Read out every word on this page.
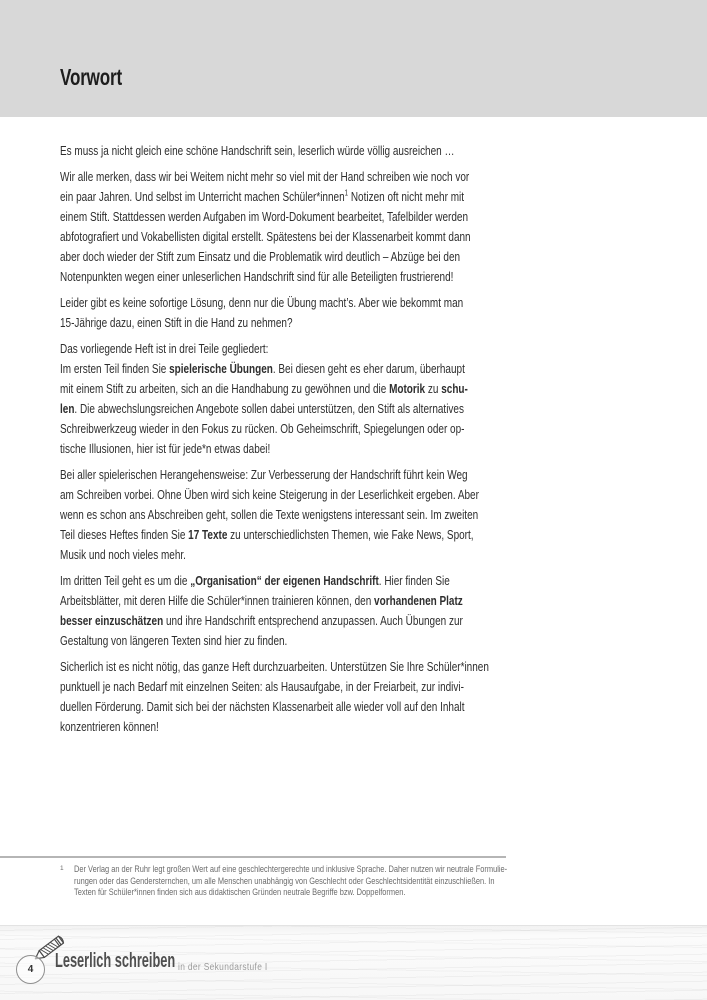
Vorwort
Es muss ja nicht gleich eine schöne Handschrift sein, leserlich würde völlig ausreichen …
Wir alle merken, dass wir bei Weitem nicht mehr so viel mit der Hand schreiben wie noch vor
ein paar Jahren. Und selbst im Unterricht machen Schüler*innen$^1$ Notizen oft nicht mehr mit
einem Stift. Stattdessen werden Aufgaben im Word-Dokument bearbeitet, Tafelbilder werden
abfotografiert und Vokabellisten digital erstellt. Spätestens bei der Klassenarbeit kommt dann
aber doch wieder der Stift zum Einsatz und die Problematik wird deutlich – Abzüge bei den
Notenpunkten wegen einer unleserlichen Handschrift sind für alle Beteiligten frustrierend!
Leider gibt es keine sofortige Lösung, denn nur die Übung macht’s. Aber wie bekommt man
15-Jährige dazu, einen Stift in die Hand zu nehmen?
Das vorliegende Heft ist in drei Teile gegliedert:
Im ersten Teil finden Sie spielerische Übungen. Bei diesen geht es eher darum, überhaupt
mit einem Stift zu arbeiten, sich an die Handhabung zu gewöhnen und die Motorik zu schu-
len. Die abwechslungsreichen Angebote sollen dabei unterstützen, den Stift als alternatives
Schreibwerkzeug wieder in den Fokus zu rücken. Ob Geheimschrift, Spiegelungen oder op-
tische Illusionen, hier ist für jede*n etwas dabei!
Bei aller spielerischen Herangehensweise: Zur Verbesserung der Handschrift führt kein Weg
am Schreiben vorbei. Ohne Üben wird sich keine Steigerung in der Leserlichkeit ergeben. Aber
wenn es schon ans Abschreiben geht, sollen die Texte wenigstens interessant sein. Im zweiten
Teil dieses Heftes finden Sie 17 Texte zu unterschiedlichsten Themen, wie Fake News, Sport,
Musik und noch vieles mehr.
Im dritten Teil geht es um die „Organisation“ der eigenen Handschrift. Hier finden Sie
Arbeitsblätter, mit deren Hilfe die Schüler*innen trainieren können, den vorhandenen Platz
besser einzuschätzen und ihre Handschrift entsprechend anzupassen. Auch Übungen zur
Gestaltung von längeren Texten sind hier zu finden.
Sicherlich ist es nicht nötig, das ganze Heft durchzuarbeiten. Unterstützen Sie Ihre Schüler*innen
punktuell je nach Bedarf mit einzelnen Seiten: als Hausaufgabe, in der Freiarbeit, zur indivi-
duellen Förderung. Damit sich bei der nächsten Klassenarbeit alle wieder voll auf den Inhalt
konzentrieren können!
1 Der Verlag an der Ruhr legt großen Wert auf eine geschlechtergerechte und inklusive Sprache. Daher nutzen wir neutrale Formulie-
rungen oder das Gendersternchen, um alle Menschen unabhängig von Geschlecht oder Geschlechtsidentität einzuschließen. In
Texten für Schüler*innen finden sich aus didaktischen Gründen neutrale Begriffe bzw. Doppelformen.
4 Leserlich schreiben in der Sekundarstufe I
